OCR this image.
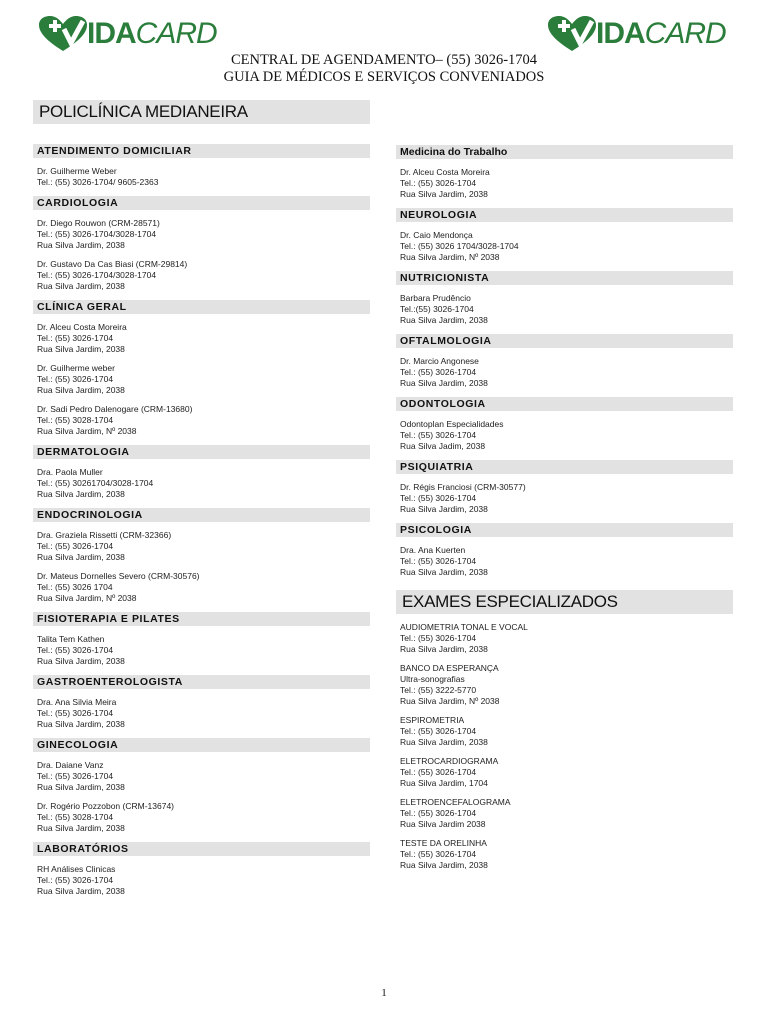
IDACARD	IDACARD
CENTRAL DE AGENDAMENTO– (55) 3026-1704
GUIA DE MÉDICOS E SERVIÇOS CONVENIADOS
POLICLÍNICA MEDIANEIRA
ATENDIMENTO DOMICILIAR
Dr. Guilherme Weber
Tel.: (55) 3026-1704/ 9605-2363
CARDIOLOGIA
Dr. Diego Rouwon (CRM-28571)
Tel.: (55) 3026-1704/3028-1704
Rua Silva Jardim, 2038
Dr. Gustavo Da Cas Biasi (CRM-29814)
Tel.: (55) 3026-1704/3028-1704
Rua Silva Jardim, 2038
CLÍNICA GERAL
Dr. Alceu Costa Moreira
Tel.: (55) 3026-1704
Rua Silva Jardim, 2038
Dr. Guilherme weber
Tel.: (55) 3026-1704
Rua Silva Jardim, 2038
Dr. Sadi Pedro Dalenogare (CRM-13680)
Tel.: (55) 3028-1704
Rua Silva Jardim, Nº 2038
DERMATOLOGIA
Dra. Paola Muller
Tel.: (55) 30261704/3028-1704
Rua Silva Jardim, 2038
ENDOCRINOLOGIA
Dra. Graziela Rissetti (CRM-32366)
Tel.: (55) 3026-1704
Rua Silva Jardim, 2038
Dr. Mateus Dornelles Severo (CRM-30576)
Tel.: (55) 3026 1704
Rua Silva Jardim, Nº 2038
FISIOTERAPIA E PILATES
Talita Tem Kathen
Tel.: (55) 3026-1704
Rua Silva Jardim, 2038
GASTROENTEROLOGISTA
Dra. Ana Silvia Meira
Tel.: (55) 3026-1704
Rua Silva Jardim, 2038
GINECOLOGIA
Dra. Daiane Vanz
Tel.: (55) 3026-1704
Rua Silva Jardim, 2038
Dr. Rogério Pozzobon (CRM-13674)
Tel.: (55) 3028-1704
Rua Silva Jardim, 2038
LABORATÓRIOS
RH Análises Clinicas
Tel.: (55) 3026-1704
Rua Silva Jardim, 2038
Medicina do Trabalho
Dr. Alceu Costa Moreira
Tel.: (55) 3026-1704
Rua Silva Jardim, 2038
NEUROLOGIA
Dr. Caio Mendonça
Tel.: (55) 3026 1704/3028-1704
Rua Silva Jardim, Nº 2038
NUTRICIONISTA
Barbara Prudêncio
Tel.:(55) 3026-1704
Rua Silva Jardim, 2038
OFTALMOLOGIA
Dr. Marcio Angonese
Tel.: (55) 3026-1704
Rua Silva Jardim, 2038
ODONTOLOGIA
Odontoplan Especialidades
Tel.: (55) 3026-1704
Rua Silva Jadim, 2038
PSIQUIATRIA
Dr. Régis Franciosi (CRM-30577)
Tel.: (55) 3026-1704
Rua Silva Jardim, 2038
PSICOLOGIA
Dra. Ana Kuerten
Tel.: (55) 3026-1704
Rua Silva Jardim, 2038
EXAMES ESPECIALIZADOS
AUDIOMETRIA TONAL E VOCAL
Tel.: (55) 3026-1704
Rua Silva Jardim, 2038
BANCO DA ESPERANÇA
Ultra-sonografias
Tel.: (55) 3222-5770
Rua Silva Jardim, Nº 2038
ESPIROMETRIA
Tel.: (55) 3026-1704
Rua Silva Jardim, 2038
ELETROCARDIOGRAMA
Tel.: (55) 3026-1704
Rua Silva Jardim, 1704
ELETROENCEFALOGRAMA
Tel.: (55) 3026-1704
Rua Silva Jardim 2038
TESTE DA ORELINHA
Tel.: (55) 3026-1704
Rua Silva Jardim, 2038
1
